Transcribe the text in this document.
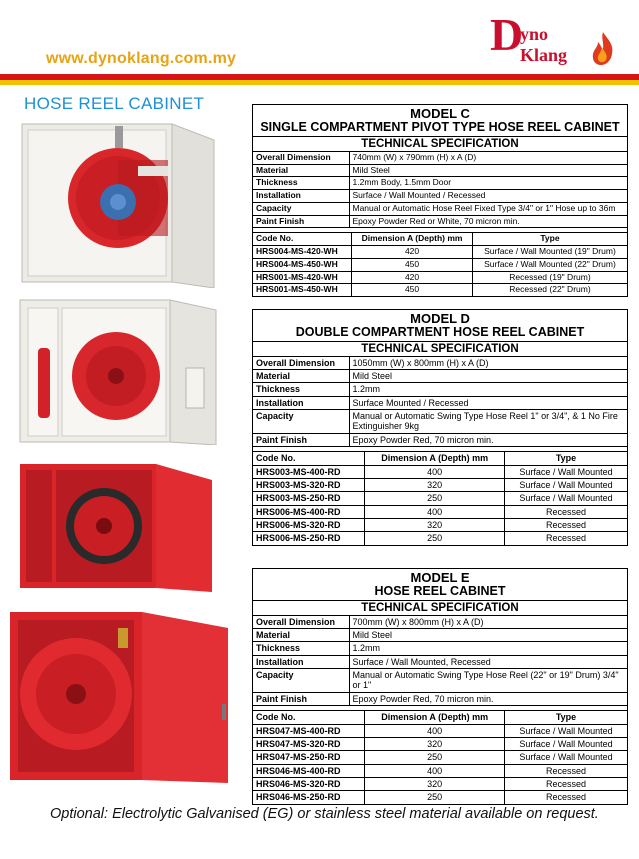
www.dynoklang.com.my	D
yno
Klang
HOSE REEL CABINET
MODEL C
SINGLE COMPARTMENT PIVOT TYPE HOSE REEL CABINET
TECHNICAL SPECIFICATION
Overall Dimension	740mm (W) x 790mm (H) x A (D)
Material	Mild Steel
Thickness	1.2mm Body, 1.5mm Door
Installation	Surface / Wall Mounted / Recessed
Capacity	Manual or Automatic Hose Reel Fixed Type 3/4" or 1" Hose up to 36m
Paint Finish	Epoxy Powder Red or White, 70 micron min.
Code No.	Dimension A (Depth) mm	Type
HRS004-MS-420-WH	420	Surface / Wall Mounted (19" Drum)
HRS004-MS-450-WH	450	Surface / Wall Mounted (22" Drum)
HRS001-MS-420-WH	420	Recessed (19" Drum)
HRS001-MS-450-WH	450	Recessed (22" Drum)
MODEL D
DOUBLE COMPARTMENT HOSE REEL CABINET
TECHNICAL SPECIFICATION
Overall Dimension	1050mm (W) x 800mm (H) x A (D)
Material	Mild Steel
Thickness	1.2mm
Installation	Surface Mounted / Recessed
Capacity	Manual or Automatic Swing Type Hose Reel 1" or 3/4", & 1 No Fire Extinguisher 9kg
Paint Finish	Epoxy Powder Red, 70 micron min.
Code No.	Dimension A (Depth) mm	Type
HRS003-MS-400-RD	400	Surface / Wall Mounted
HRS003-MS-320-RD	320	Surface / Wall Mounted
HRS003-MS-250-RD	250	Surface / Wall Mounted
HRS006-MS-400-RD	400	Recessed
HRS006-MS-320-RD	320	Recessed
HRS006-MS-250-RD	250	Recessed
MODEL E
HOSE REEL CABINET
TECHNICAL SPECIFICATION
Overall Dimension	700mm (W) x 800mm (H) x A (D)
Material	Mild Steel
Thickness	1.2mm
Installation	Surface / Wall Mounted, Recessed
Capacity	Manual or Automatic Swing Type Hose Reel (22" or 19" Drum) 3/4" or 1"
Paint Finish	Epoxy Powder Red, 70 micron min.
Code No.	Dimension A (Depth) mm	Type
HRS047-MS-400-RD	400	Surface / Wall Mounted
HRS047-MS-320-RD	320	Surface / Wall Mounted
HRS047-MS-250-RD	250	Surface / Wall Mounted
HRS046-MS-400-RD	400	Recessed
HRS046-MS-320-RD	320	Recessed
HRS046-MS-250-RD	250	Recessed
Optional: Electrolytic Galvanised (EG) or stainless steel material available on request.
